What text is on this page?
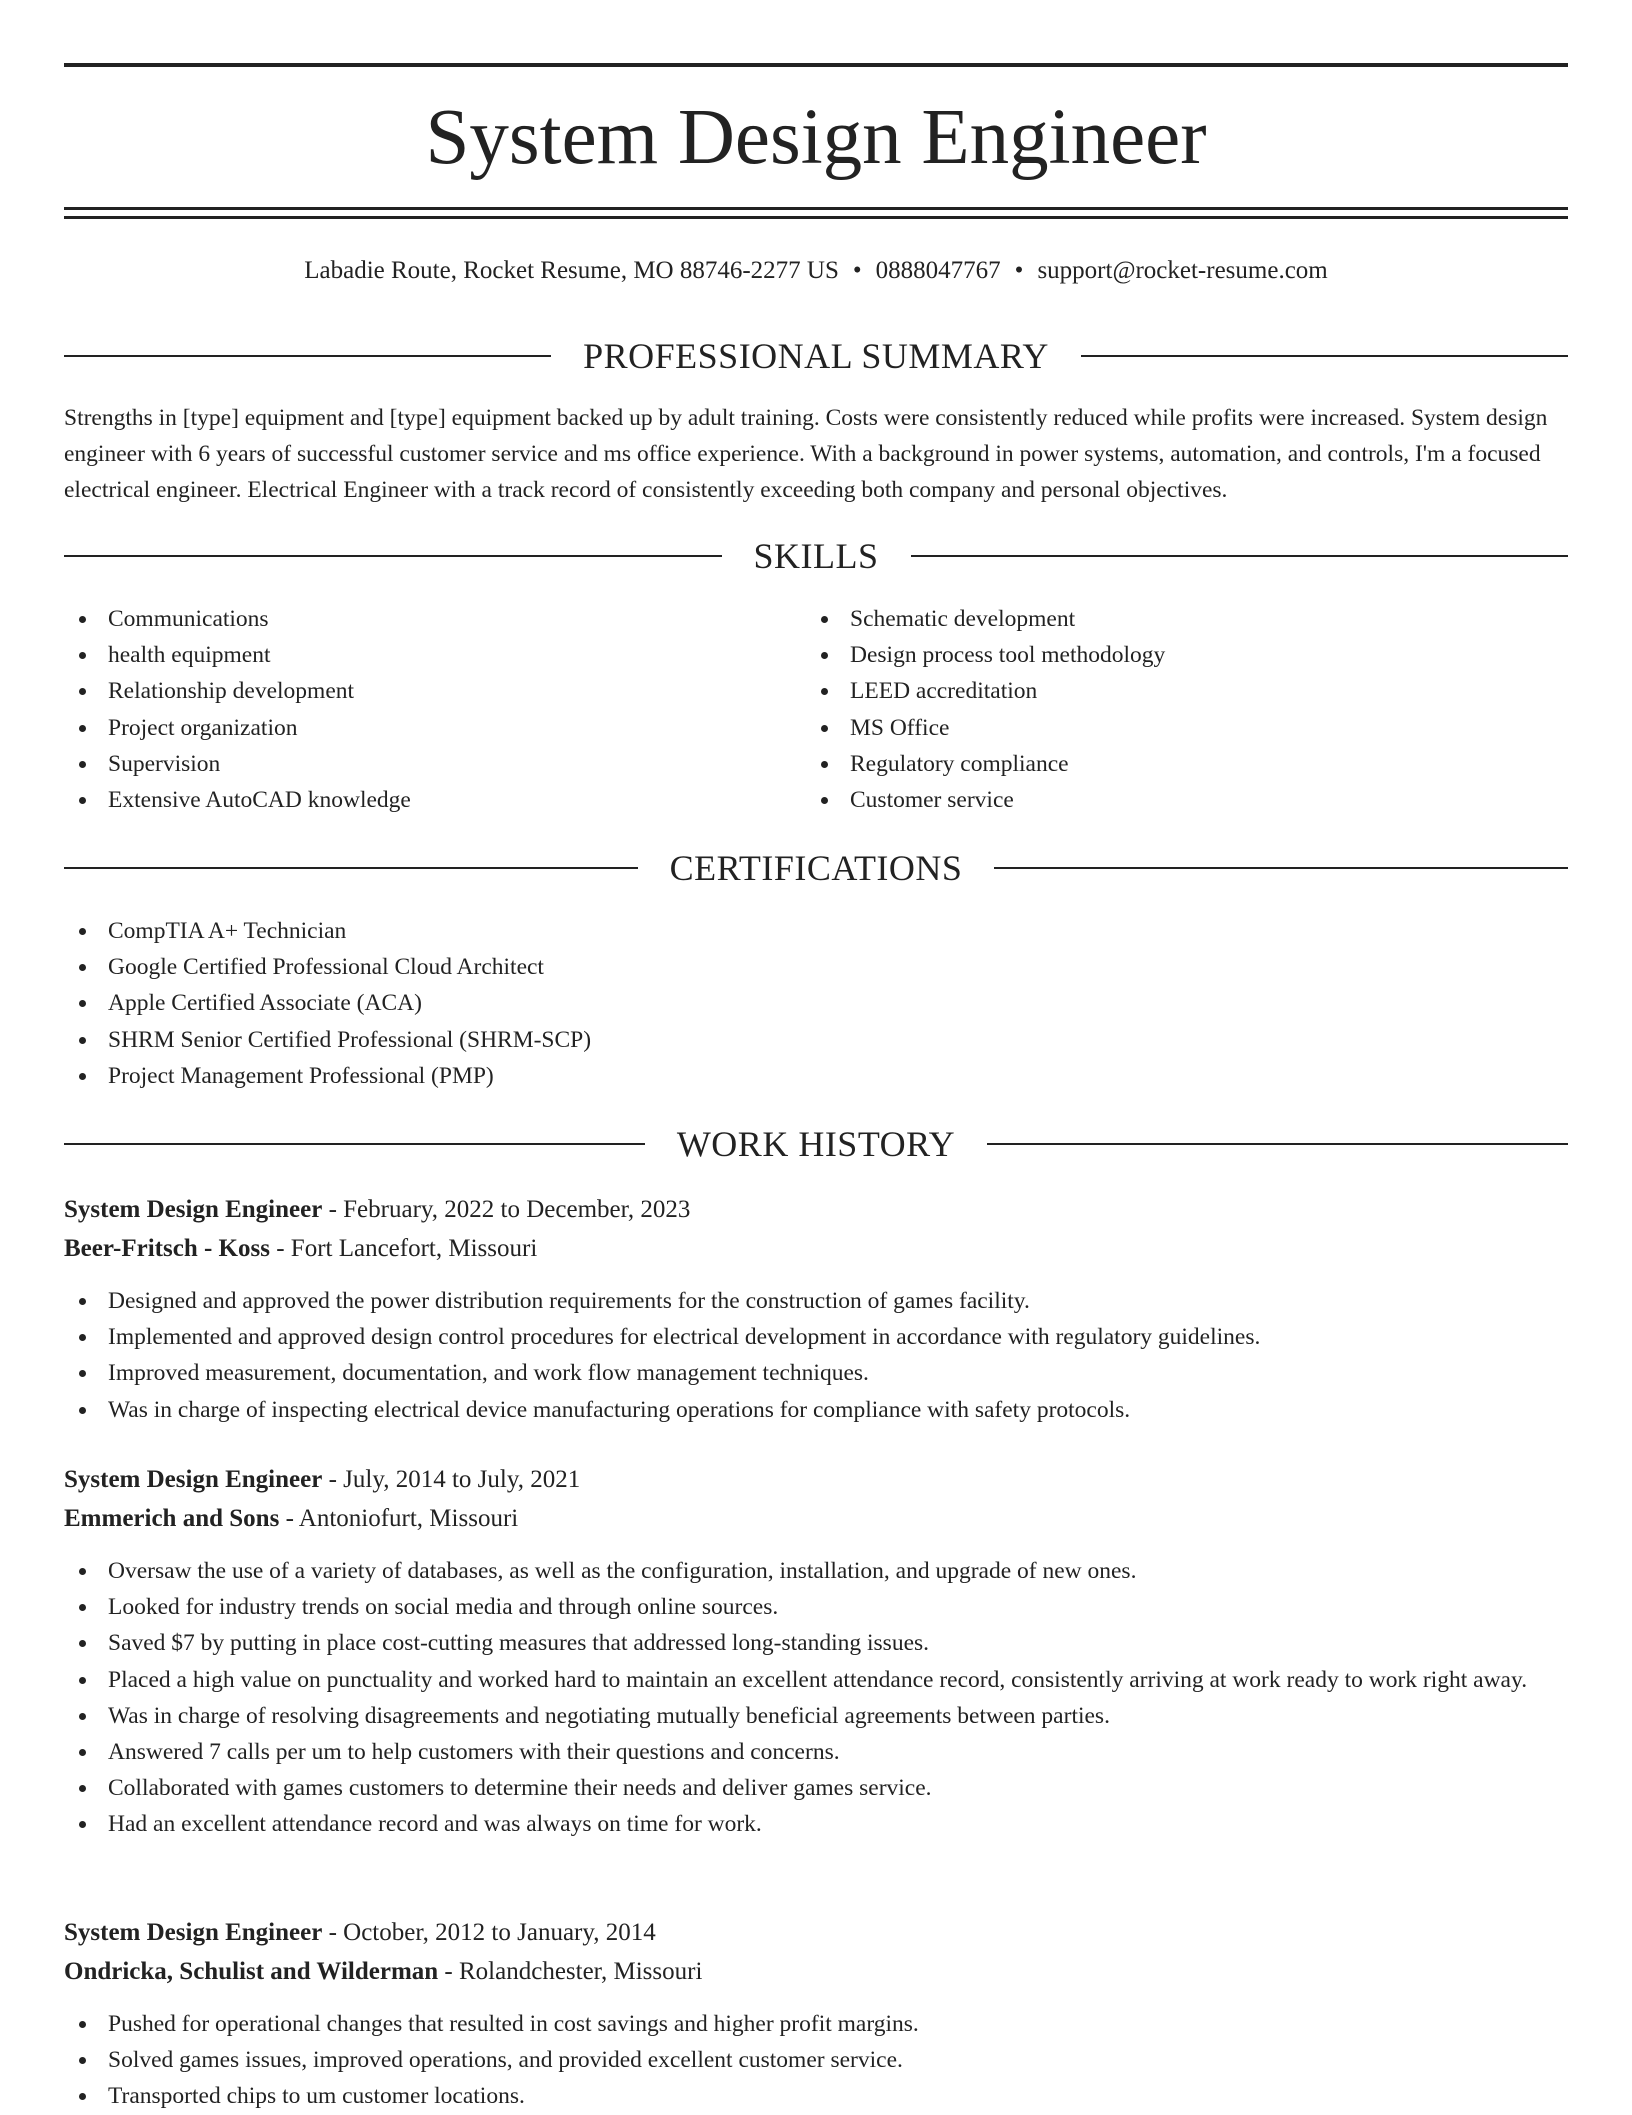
System Design Engineer
Labadie Route, Rocket Resume, MO 88746-2277 US • 0888047767 • support@rocket-resume.com
PROFESSIONAL SUMMARY

Strengths in [type] equipment and [type] equipment backed up by adult training. Costs were consistently reduced while profits were increased. System design engineer with 6 years of successful customer service and ms office experience. With a background in power systems, automation, and controls, I'm a focused electrical engineer. Electrical Engineer with a track record of consistently exceeding both company and personal objectives.

SKILLS
Communications
health equipment
Relationship development
Project organization
Supervision
Extensive AutoCAD knowledge
Schematic development
Design process tool methodology
LEED accreditation
MS Office
Regulatory compliance
Customer service
CERTIFICATIONS
CompTIA A+ Technician
Google Certified Professional Cloud Architect
Apple Certified Associate (ACA)
SHRM Senior Certified Professional (SHRM-SCP)
Project Management Professional (PMP)
WORK HISTORY
System Design Engineer - February, 2022 to December, 2023
Beer-Fritsch - Koss - Fort Lancefort, Missouri
Designed and approved the power distribution requirements for the construction of games facility.
Implemented and approved design control procedures for electrical development in accordance with regulatory guidelines.
Improved measurement, documentation, and work flow management techniques.
Was in charge of inspecting electrical device manufacturing operations for compliance with safety protocols.
System Design Engineer - July, 2014 to July, 2021
Emmerich and Sons - Antoniofurt, Missouri
Oversaw the use of a variety of databases, as well as the configuration, installation, and upgrade of new ones.
Looked for industry trends on social media and through online sources.
Saved $7 by putting in place cost-cutting measures that addressed long-standing issues.
Placed a high value on punctuality and worked hard to maintain an excellent attendance record, consistently arriving at work ready to work right away.
Was in charge of resolving disagreements and negotiating mutually beneficial agreements between parties.
Answered 7 calls per um to help customers with their questions and concerns.
Collaborated with games customers to determine their needs and deliver games service.
Had an excellent attendance record and was always on time for work.
System Design Engineer - October, 2012 to January, 2014
Ondricka, Schulist and Wilderman - Rolandchester, Missouri
Pushed for operational changes that resulted in cost savings and higher profit margins.
Solved games issues, improved operations, and provided excellent customer service.
Transported chips to um customer locations.
